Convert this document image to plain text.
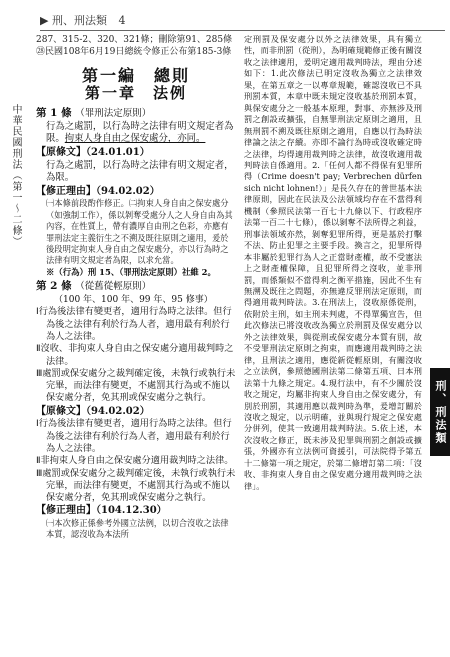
▶ 刑、刑法類 4
中華民國刑法（第一～二條）
刑、刑法類

287、315-2、320、321條；刪除第91、285條

㉘民國108年6月19日總統令修正公布第185-3條

第一編　總則
第一章　法例

第 1 條 （罪刑法定原則）

行為之處罰，以行為時之法律有明文規定者為限。拘束人身自由之保安處分，亦同。

【原條文】（24.01.01）

行為之處罰，以行為時之法律有明文規定者，為限。

【修正理由】（94.02.02）

㈠本條前段酌作修正。㈡拘束人身自由之保安處分（如強制工作），係以剝奪受處分人之人身自由為其內容，在性質上，帶有濃厚自由刑之色彩，亦應有罪刑法定主義衍生之不溯及既往原則之適用，爰於後段明定拘束人身自由之保安處分，亦以行為時之法律有明文規定者為限，以求允當。

※（行為）刑 15、（罪刑法定原則）社維 2。

第 2 條 （從舊從輕原則）

（100 年、100 年、99 年、95 修事）

Ⅰ行為後法律有變更者，適用行為時之法律。但行為後之法律有利於行為人者，適用最有利於行為人之法律。

Ⅱ沒收、非拘束人身自由之保安處分適用裁判時之法律。

Ⅲ處罰或保安處分之裁判確定後，未執行或執行未完畢，而法律有變更，不處罰其行為或不施以保安處分者，免其刑或保安處分之執行。

【原條文】（94.02.02）

Ⅰ行為後法律有變更者，適用行為時之法律。但行為後之法律有利於行為人者，適用最有利於行為人之法律。

Ⅱ非拘束人身自由之保安處分適用裁判時之法律。

Ⅲ處罰或保安處分之裁判確定後，未執行或執行未完畢，而法律有變更，不處罰其行為或不施以保安處分者，免其刑或保安處分之執行。

【修正理由】（104.12.30）

㈠本次修正係參考外國立法例，以切合沒收之法律本質，認沒收為本法所

定刑罰及保安處分以外之法律效果，具有獨立性，而非刑罰（從刑），為明確規範修正後有關沒收之法律適用，爰明定適用裁判時法，理由分述如下：1.此次修法已明定沒收為獨立之法律效果，在第五章之一以專章規範，確認沒收已不具刑罰本質，本章中既未規定沒收基於刑罰本質，與保安處分之一般基本原理，對事、亦無涉及刑罰之創設或擴張，自無罪刑法定原則之適用，且無刑罰不溯及既往原則之適用，自應以行為時法律論之法之存續。亦即不論行為時或沒收確定時之法律，均得適用裁判時之法律，故沒收適用裁判時法自係適用。2.「任何人都不得保有犯罪所得（Crime doesn't pay; Verbrechen dürfen sich nicht lohnen!）」是長久存在的普世基本法律原則，因此在民法及公法領域均存在不當得利機制（參照民法第一百七十九條以下、行政程序法第一百二十七條），係以剝奪不法所得之利益，刑事法領域亦然，剝奪犯罪所得，更是基於打擊不法、防止犯罪之主要手段。換言之，犯罪所得本非屬於犯罪行為人之正當財產權，故不受憲法上之財產權保障，且犯罪所得之沒收，並非刑罰，而係類似不當得利之衡平措施，因此不生有無溯及既往之問題，亦無違反罪刑法定原則，而得適用裁判時法。3.在刑法上，沒收原係從刑，依附於主刑，如主刑未判處，不得單獨宣告，但此次修法已將沒收改為獨立於刑罰及保安處分以外之法律效果，與從刑或保安處分本質有別，故不受罪刑法定原則之拘束，而應適用裁判時之法律，且刑法之適用，應從新從輕原則，有關沒收之立法例，參照德國刑法第二條第五項、日本刑法第十九條之規定。4.現行法中，有不少關於沒收之規定，均屬非拘束人身自由之保安處分，有別於刑罰，其適用應以裁判時為準，爰增訂關於沒收之規定，以示明確，並與現行規定之保安處分併列，使其一致適用裁判時法。5.依上述，本次沒收之修正，既未涉及犯罪與刑罰之創設或擴張，外國亦有立法例可資援引，可法院得予第五十二條第一項之規定，於第二條增訂第二項：「沒收、非拘束人身自由之保安處分適用裁判時之法律」。
